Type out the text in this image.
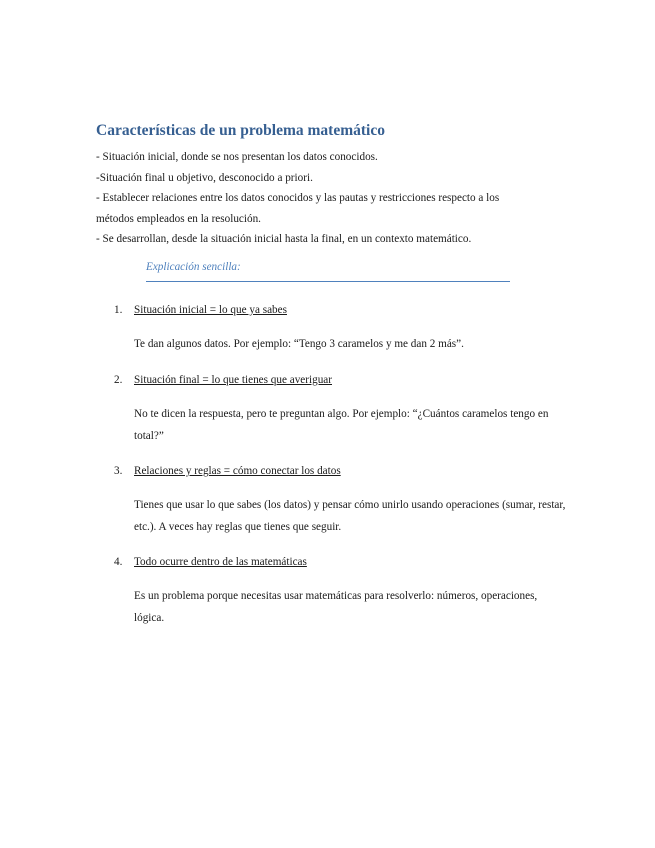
Características de un problema matemático

- Situación inicial, donde se nos presentan los datos conocidos.

-Situación final u objetivo, desconocido a priori.

- Establecer relaciones entre los datos conocidos y las pautas y restricciones respecto a los métodos empleados en la resolución.

- Se desarrollan, desde la situación inicial hasta la final, en un contexto matemático.

Explicación sencilla:
1. Situación inicial = lo que ya sabes
Te dan algunos datos. Por ejemplo: “Tengo 3 caramelos y me dan 2 más”.
2. Situación final = lo que tienes que averiguar
No te dicen la respuesta, pero te preguntan algo. Por ejemplo: “¿Cuántos caramelos tengo en total?”
3. Relaciones y reglas = cómo conectar los datos
Tienes que usar lo que sabes (los datos) y pensar cómo unirlo usando operaciones (sumar, restar, etc.). A veces hay reglas que tienes que seguir.
4. Todo ocurre dentro de las matemáticas
Es un problema porque necesitas usar matemáticas para resolverlo: números, operaciones, lógica.
